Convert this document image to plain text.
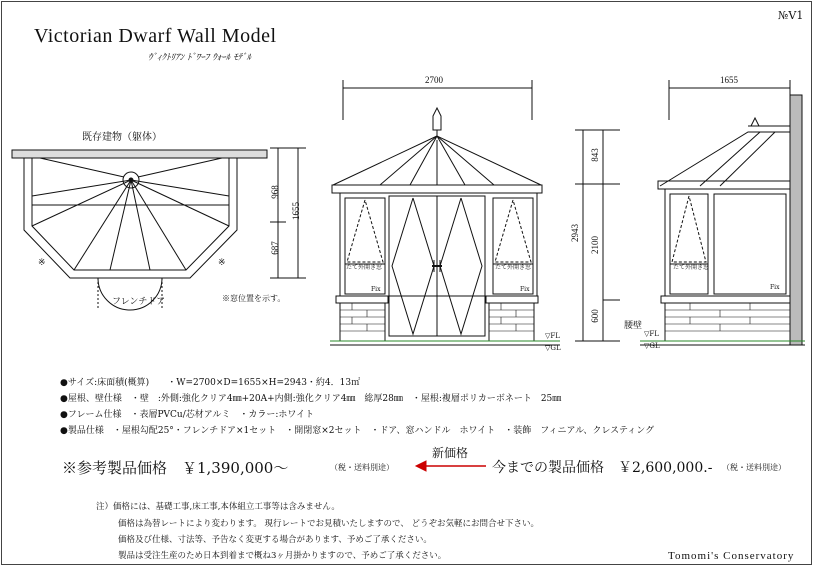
Victorian Dwarf Wall Model
ｳﾞｨｸﾄﾘｱﾝ ﾄﾞﾜｰﾌ ｳｫｰﾙ ﾓﾃﾞﾙ
№V1
既存建物（躯体）
968
687
1655
※	※
フレンチドア	※窓位置を示す。
2700
843
2943
2100
600
たて外開き窓	たて外開き窓
Fix	Fix
▽FL
▽GL
1655
たて外開き窓
Fix
腰壁
▽FL
▽GL
●サイズ:床面積(概算)　　・W=2700×D=1655×H=2943・約4．13㎡
●屋根、壁仕様　・壁　:外側:強化クリア4㎜+20A+内側:強化クリア4㎜　総厚28㎜　・屋根:複層ポリカーボネート　25㎜
●フレーム仕様　・表層PVCu/芯材アルミ　・カラー:ホワイト
●製品仕様　・屋根勾配25°・フレンチドア×1セット　・開閉窓×2セット　・ドア、窓ハンドル　ホワイト　・装飾　フィニアル、クレスティング
※参考製品価格　￥1,390,000〜	（税・送料別途）
新価格
今までの製品価格　￥2,600,000.‐ （税・送料別途）
注）価格には、基礎工事,床工事,本体組立工事等は含みません。
価格は為替レートにより変わります。 現行レートでお見積いたしますので、 どうぞお気軽にお問合せ下さい。
価格及び仕様、寸法等、予告なく変更する場合があります、予めご了承ください。
製品は受注生産のため日本到着まで概ね3ヶ月掛かりますので、予めご了承ください。	Tomomi's Conservatory
